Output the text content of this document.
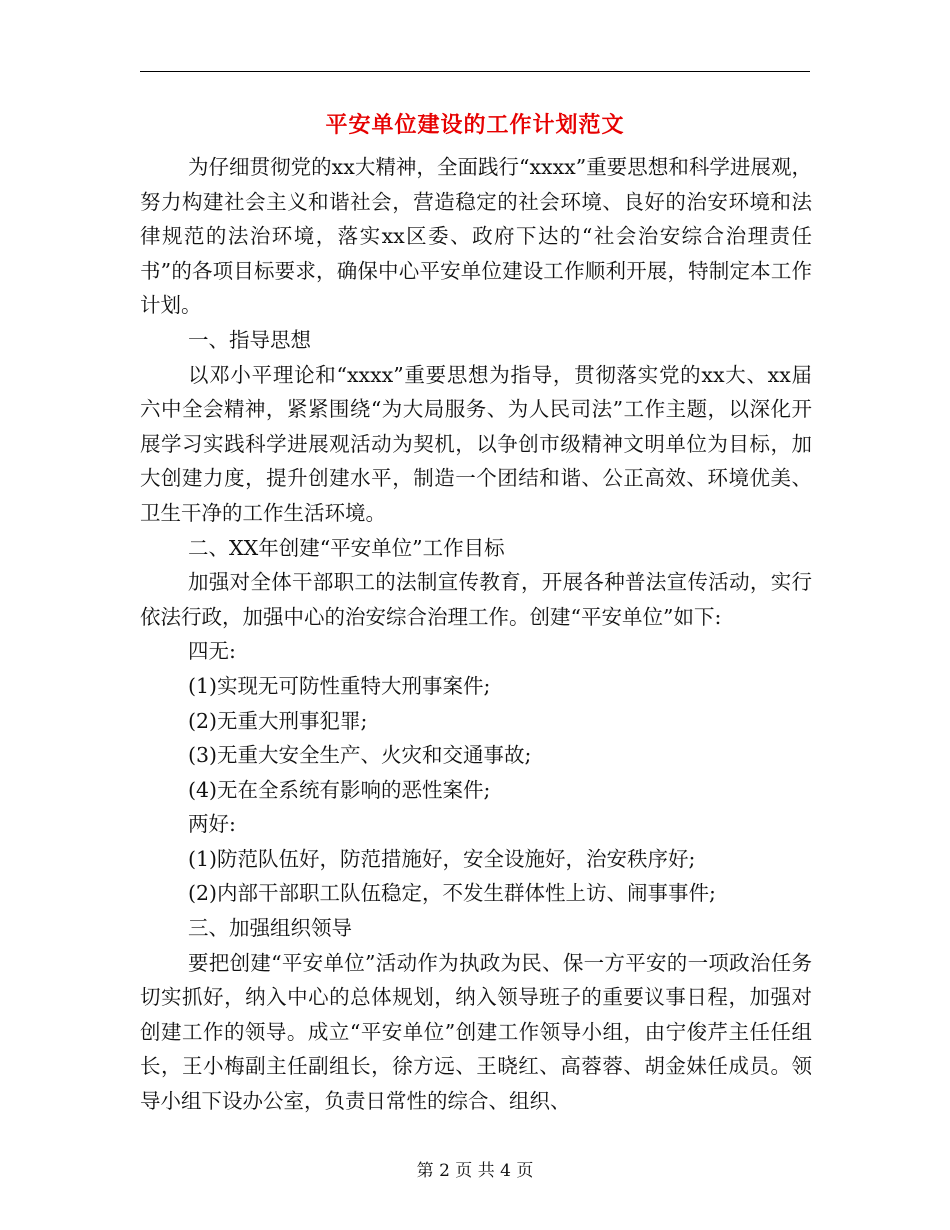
平安单位建设的工作计划范文

为仔细贯彻党的xx大精神，全面践行“xxxx”重要思想和科学进展观，努力构建社会主义和谐社会，营造稳定的社会环境、良好的治安环境和法律规范的法治环境，落实xx区委、政府下达的“社会治安综合治理责任书”的各项目标要求，确保中心平安单位建设工作顺利开展，特制定本工作计划。

一、指导思想

以邓小平理论和“xxxx”重要思想为指导，贯彻落实党的xx大、xx届六中全会精神，紧紧围绕“为大局服务、为人民司法”工作主题，以深化开展学习实践科学进展观活动为契机，以争创市级精神文明单位为目标，加大创建力度，提升创建水平，制造一个团结和谐、公正高效、环境优美、卫生干净的工作生活环境。

二、XX年创建“平安单位”工作目标

加强对全体干部职工的法制宣传教育，开展各种普法宣传活动，实行依法行政，加强中心的治安综合治理工作。创建“平安单位”如下:

四无:

(1)实现无可防性重特大刑事案件;

(2)无重大刑事犯罪;

(3)无重大安全生产、火灾和交通事故;

(4)无在全系统有影响的恶性案件;

两好:

(1)防范队伍好，防范措施好，安全设施好，治安秩序好;

(2)内部干部职工队伍稳定，不发生群体性上访、闹事事件;

三、加强组织领导

要把创建“平安单位”活动作为执政为民、保一方平安的一项政治任务切实抓好，纳入中心的总体规划，纳入领导班子的重要议事日程，加强对创建工作的领导。成立“平安单位”创建工作领导小组，由宁俊芹主任任组长，王小梅副主任副组长，徐方远、王晓红、高蓉蓉、胡金妹任成员。领导小组下设办公室，负责日常性的综合、组织、

第 2 页 共 4 页
